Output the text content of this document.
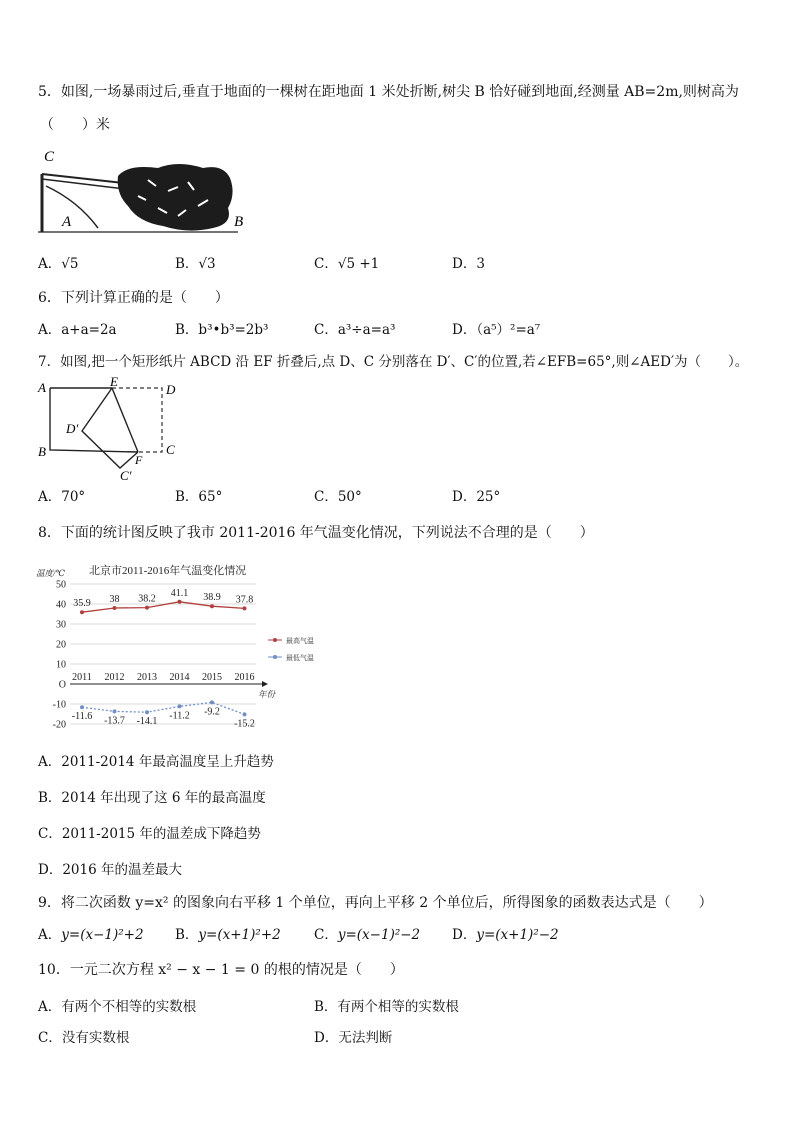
5．如图,一场暴雨过后,垂直于地面的一棵树在距地面 1 米处折断,树尖 B 恰好碰到地面,经测量 AB=2m,则树高为
（　　）米
C
A	B
A．√5	B．√3	C．√5 +1	D．3
6．下列计算正确的是（　　）
A．a+a=2a	B．b³•b³=2b³	C．a³÷a=a³	D．（a⁵）²=a⁷
7．如图,把一个矩形纸片 ABCD 沿 EF 折叠后,点 D、C 分别落在 D′、C′的位置,若∠EFB=65°,则∠AED′为（　　）。
A	E
D
D′
B
F
C
C′
A．70°	B．65°	C．50°	D．25°
8．下面的统计图反映了我市 2011-2016 年气温变化情况，下列说法不合理的是（　　）
北京市2011-2016年气温变化情况
温度/℃
年份
50
40
30
20
10
O
-10
-20
2011 2012 2013 2014 2015 2016
35.9 38 38.2
41.1 38.9 37.8
-11.6 -13.7 -14.1
-11.2 -9.2
-15.2
最高气温
最低气温
A．2011-2014 年最高温度呈上升趋势
B．2014 年出现了这 6 年的最高温度
C．2011-2015 年的温差成下降趋势
D．2016 年的温差最大
9．将二次函数 y=x² 的图象向右平移 1 个单位，再向上平移 2 个单位后，所得图象的函数表达式是（　　）
A．y=(x−1)²+2 B．y=(x+1)²+2 C．y=(x−1)²−2 D．y=(x+1)²−2
10．一元二次方程 x² − x − 1 = 0 的根的情况是（　　）
A．有两个不相等的实数根	B．有两个相等的实数根
C．没有实数根	D．无法判断
